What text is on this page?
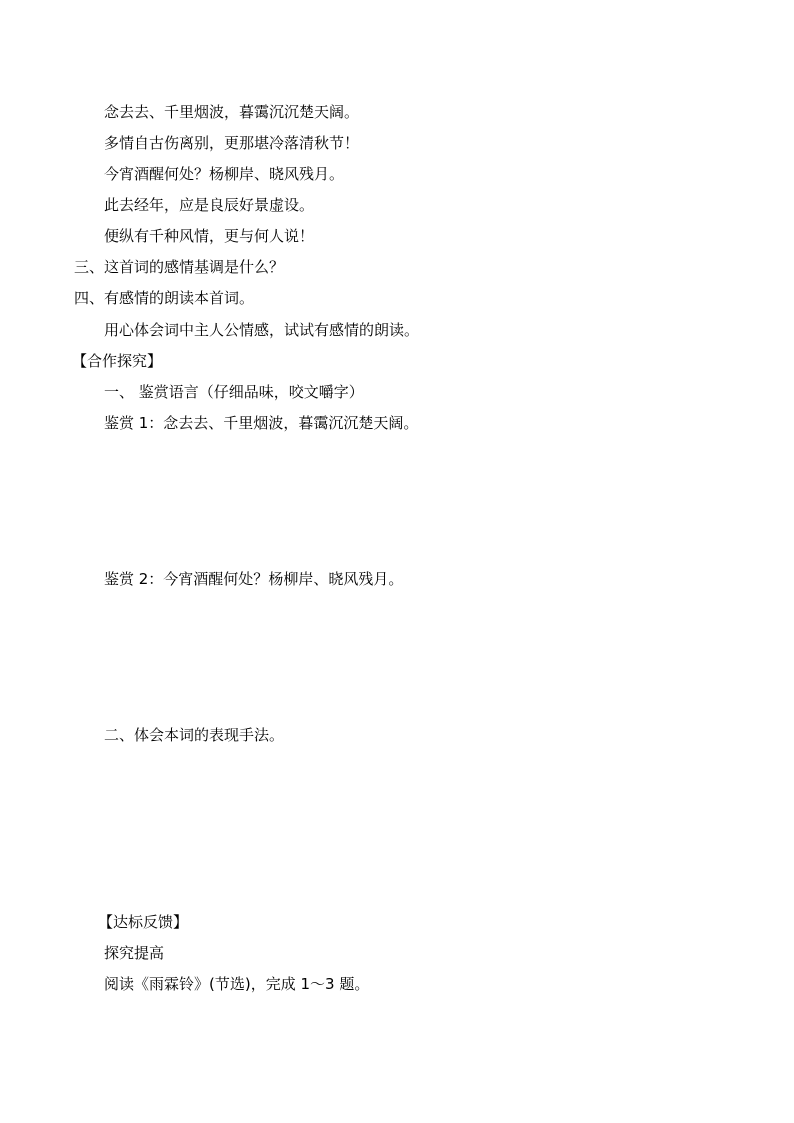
念去去、千里烟波，暮霭沉沉楚天阔。
多情自古伤离别，更那堪冷落清秋节！
今宵酒醒何处？杨柳岸、晓风残月。
此去经年，应是良辰好景虚设。
便纵有千种风情，更与何人说！
三、这首词的感情基调是什么？
四、有感情的朗读本首词。
用心体会词中主人公情感，试试有感情的朗读。
【合作探究】
一、 鉴赏语言（仔细品味，咬文嚼字）
鉴赏 1：念去去、千里烟波，暮霭沉沉楚天阔。
鉴赏 2：今宵酒醒何处？杨柳岸、晓风残月。
二、体会本词的表现手法。
【达标反馈】
探究提高
阅读《雨霖铃》(节选)，完成 1～3 题。
